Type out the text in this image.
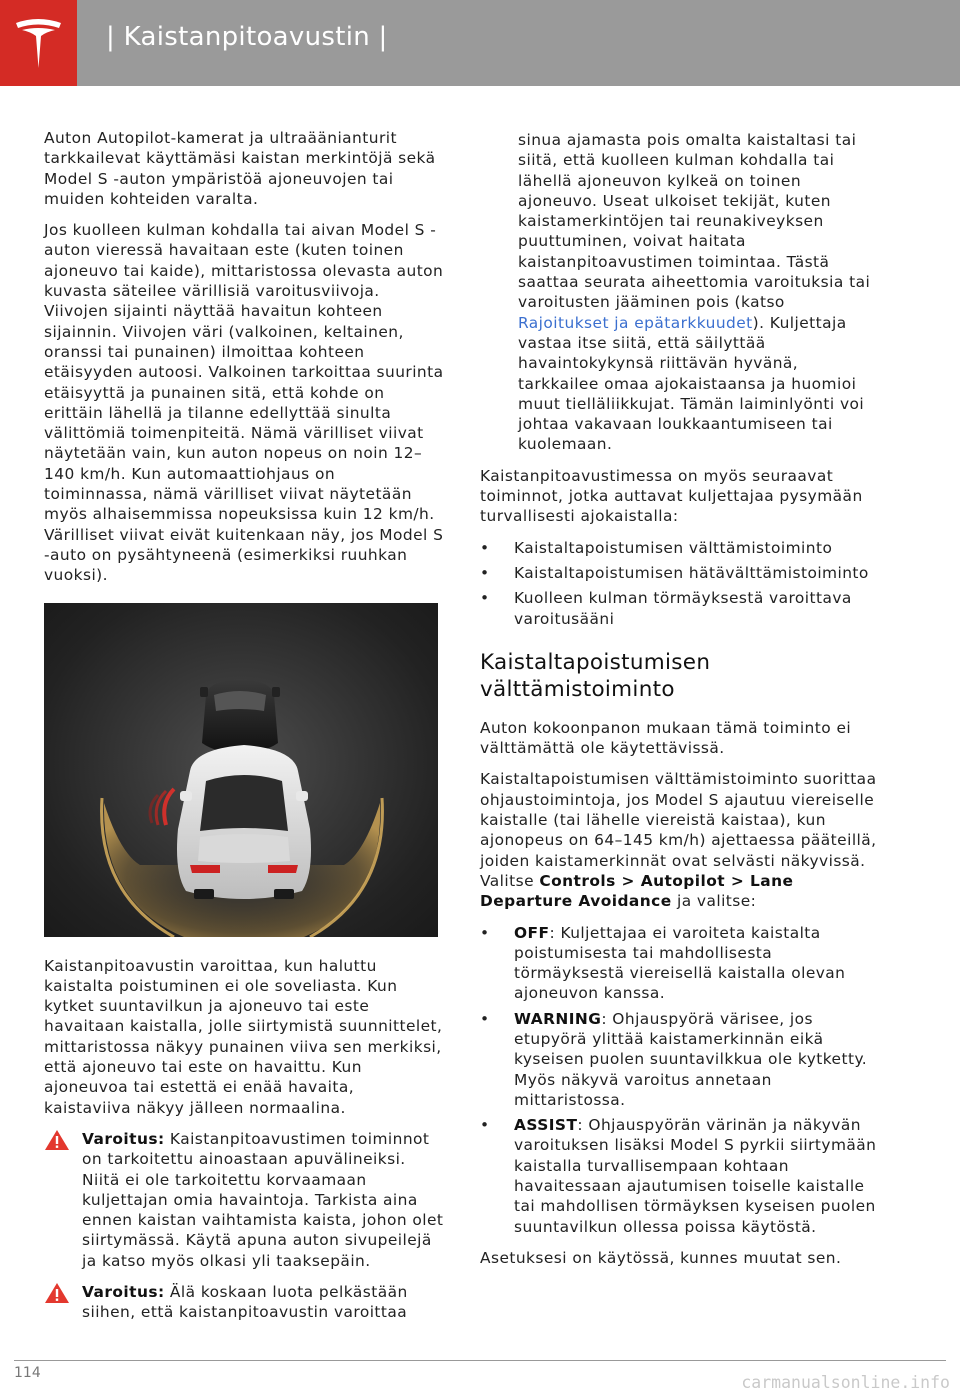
| Kaistanpitoavustin |

Auton Autopilot-kamerat ja ultraäänianturit tarkkailevat käyttämäsi kaistan merkintöjä sekä Model S -auton ympäristöä ajoneuvojen tai muiden kohteiden varalta.

Jos kuolleen kulman kohdalla tai aivan Model S -auton vieressä havaitaan este (kuten toinen ajoneuvo tai kaide), mittaristossa olevasta auton kuvasta säteilee värillisiä varoitusviivoja. Viivojen sijainti näyttää havaitun kohteen sijainnin. Viivojen väri (valkoinen, keltainen, oranssi tai punainen) ilmoittaa kohteen etäisyyden autoosi. Valkoinen tarkoittaa suurinta etäisyyttä ja punainen sitä, että kohde on erittäin lähellä ja tilanne edellyttää sinulta välittömiä toimenpiteitä. Nämä värilliset viivat näytetään vain, kun auton nopeus on noin 12–140 km/h. Kun automaattiohjaus on toiminnassa, nämä värilliset viivat näytetään myös alhaisemmissa nopeuksissa kuin 12 km/h. Värilliset viivat eivät kuitenkaan näy, jos Model S -auto on pysähtyneenä (esimerkiksi ruuhkan vuoksi).

Kaistanpitoavustin varoittaa, kun haluttu kaistalta poistuminen ei ole soveliasta. Kun kytket suuntavilkun ja ajoneuvo tai este havaitaan kaistalla, jolle siirtymistä suunnittelet, mittaristossa näkyy punainen viiva sen merkiksi, että ajoneuvo tai este on havaittu. Kun ajoneuvoa tai estettä ei enää havaita, kaistaviiva näkyy jälleen normaalina.

Varoitus: Kaistanpitoavustimen toiminnot on tarkoitettu ainoastaan apuvälineiksi. Niitä ei ole tarkoitettu korvaamaan kuljettajan omia havaintoja. Tarkista aina ennen kaistan vaihtamista kaista, johon olet siirtymässä. Käytä apuna auton sivupeilejä ja katso myös olkasi yli taaksepäin.
Varoitus: Älä koskaan luota pelkästään siihen, että kaistanpitoavustin varoittaa

sinua ajamasta pois omalta kaistaltasi tai siitä, että kuolleen kulman kohdalla tai lähellä ajoneuvon kylkeä on toinen ajoneuvo. Useat ulkoiset tekijät, kuten kaistamerkintöjen tai reunakiveyksen puuttuminen, voivat haitata kaistanpitoavustimen toimintaa. Tästä saattaa seurata aiheettomia varoituksia tai varoitusten jääminen pois (katso Rajoitukset ja epätarkkuudet). Kuljettaja vastaa itse siitä, että säilyttää havaintokykynsä riittävän hyvänä, tarkkailee omaa ajokaistaansa ja huomioi muut tielläliikkujat. Tämän laiminlyönti voi johtaa vakavaan loukkaantumiseen tai kuolemaan.

Kaistanpitoavustimessa on myös seuraavat toiminnot, jotka auttavat kuljettajaa pysymään turvallisesti ajokaistalla:

• Kaistaltapoistumisen välttämistoiminto
• Kaistaltapoistumisen hätävälttämistoiminto
• Kuolleen kulman törmäyksestä varoittava varoitusääni
Kaistaltapoistumisen välttämistoiminto

Auton kokoonpanon mukaan tämä toiminto ei välttämättä ole käytettävissä.

Kaistaltapoistumisen välttämistoiminto suorittaa ohjaustoimintoja, jos Model S ajautuu viereiselle kaistalle (tai lähelle viereistä kaistaa), kun ajonopeus on 64–145 km/h) ajettaessa pääteillä, joiden kaistamerkinnät ovat selvästi näkyvissä. Valitse Controls > Autopilot > Lane Departure Avoidance ja valitse:

• OFF: Kuljettajaa ei varoiteta kaistalta poistumisesta tai mahdollisesta törmäyksestä viereisellä kaistalla olevan ajoneuvon kanssa.
• WARNING: Ohjauspyörä värisee, jos etupyörä ylittää kaistamerkinnän eikä kyseisen puolen suuntavilkkua ole kytketty. Myös näkyvä varoitus annetaan mittaristossa.
• ASSIST: Ohjauspyörän värinän ja näkyvän varoituksen lisäksi Model S pyrkii siirtymään kaistalla turvallisempaan kohtaan havaitessaan ajautumisen toiselle kaistalle tai mahdollisen törmäyksen kyseisen puolen suuntavilkun ollessa poissa käytöstä.

Asetuksesi on käytössä, kunnes muutat sen.

114	carmanualsonline.info
